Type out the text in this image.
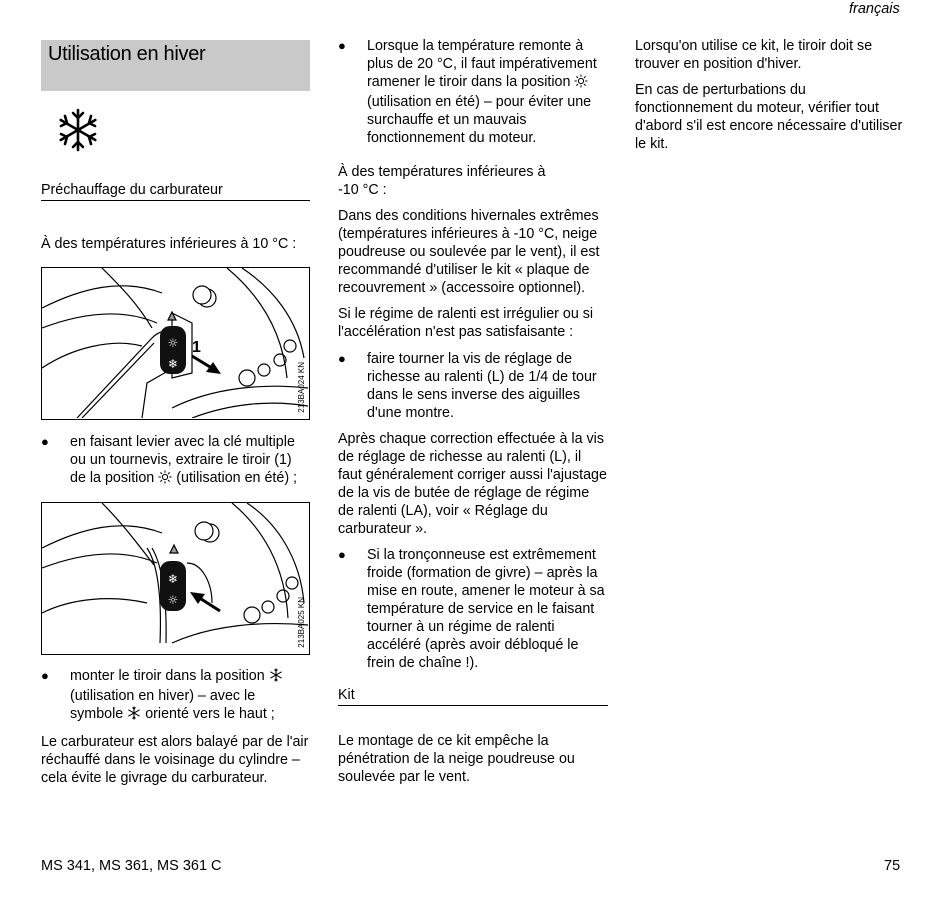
français
Utilisation en hiver
Préchauffage du carburateur

À des températures inférieures à 10 °C :

☼
❄
1
213BA024 KN
● en faisant levier avec la clé multiple ou un tournevis, extraire le tiroir (1) de la position (utilisation en été) ;
❄
☼	213BA025 KN
● monter le tiroir dans la position  (utilisation en hiver) – avec le symbole orienté vers le haut ;

Le carburateur est alors balayé par de l'air réchauffé dans le voisinage du cylindre – cela évite le givrage du carburateur.

● Lorsque la température remonte à plus de 20 °C, il faut impérativement ramener le tiroir dans la position  (utilisation en été) – pour éviter une surchauffe et un mauvais fonctionnement du moteur.

À des températures inférieures à -10 °C :

Dans des conditions hivernales extrêmes (températures inférieures à -10 °C, neige poudreuse ou soulevée par le vent), il est recommandé d'utiliser le kit « plaque de recouvrement » (accessoire optionnel).

Si le régime de ralenti est irrégulier ou si l'accélération n'est pas satisfaisante :

● faire tourner la vis de réglage de richesse au ralenti (L) de 1/4 de tour dans le sens inverse des aiguilles d'une montre.

Après chaque correction effectuée à la vis de réglage de richesse au ralenti (L), il faut généralement corriger aussi l'ajustage de la vis de butée de réglage de régime de ralenti (LA), voir « Réglage du carburateur ».

● Si la tronçonneuse est extrêmement froide (formation de givre) – après la mise en route, amener le moteur à sa température de service en le faisant tourner à un régime de ralenti accéléré (après avoir débloqué le frein de chaîne !).
Kit

Le montage de ce kit empêche la pénétration de la neige poudreuse ou soulevée par le vent.

Lorsqu'on utilise ce kit, le tiroir doit se trouver en position d'hiver.

En cas de perturbations du fonctionnement du moteur, vérifier tout d'abord s'il est encore nécessaire d'utiliser le kit.

MS 341, MS 361, MS 361 C	75
